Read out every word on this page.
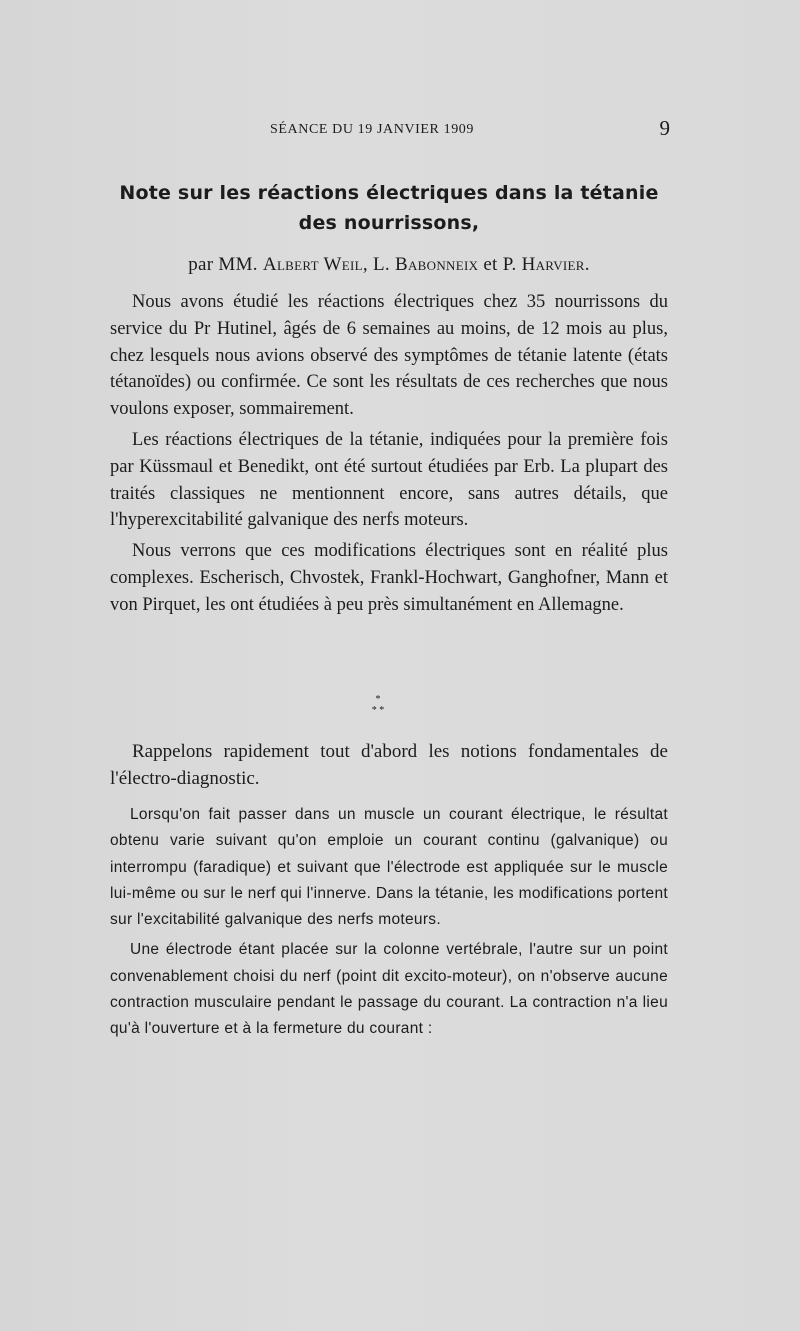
SÉANCE DU 19 JANVIER 1909	9
Note sur les réactions électriques dans la tétanie
des nourrissons,
par MM. Albert Weil, L. Babonneix et P. Harvier.

Nous avons étudié les réactions électriques chez 35 nourrissons du service du Pr Hutinel, âgés de 6 semaines au moins, de 12 mois au plus, chez lesquels nous avions observé des symptômes de tétanie latente (états tétanoïdes) ou confirmée. Ce sont les résultats de ces recherches que nous voulons exposer, sommairement.

Les réactions électriques de la tétanie, indiquées pour la première fois par Küssmaul et Benedikt, ont été surtout étudiées par Erb. La plupart des traités classiques ne mentionnent encore, sans autres détails, que l'hyperexcitabilité galvanique des nerfs moteurs.

Nous verrons que ces modifications électriques sont en réalité plus complexes. Escherisch, Chvostek, Frankl-Hochwart, Ganghofner, Mann et von Pirquet, les ont étudiées à peu près simultanément en Allemagne.

*
* *

Rappelons rapidement tout d'abord les notions fondamentales de l'électro-diagnostic.

Lorsqu'on fait passer dans un muscle un courant électrique, le résultat obtenu varie suivant qu'on emploie un courant continu (galvanique) ou interrompu (faradique) et suivant que l'électrode est appliquée sur le muscle lui-même ou sur le nerf qui l'innerve. Dans la tétanie, les modifications portent sur l'excitabilité galvanique des nerfs moteurs.

Une électrode étant placée sur la colonne vertébrale, l'autre sur un point convenablement choisi du nerf (point dit excito-moteur), on n'observe aucune contraction musculaire pendant le passage du courant. La contraction n'a lieu qu'à l'ouverture et à la fermeture du courant :
